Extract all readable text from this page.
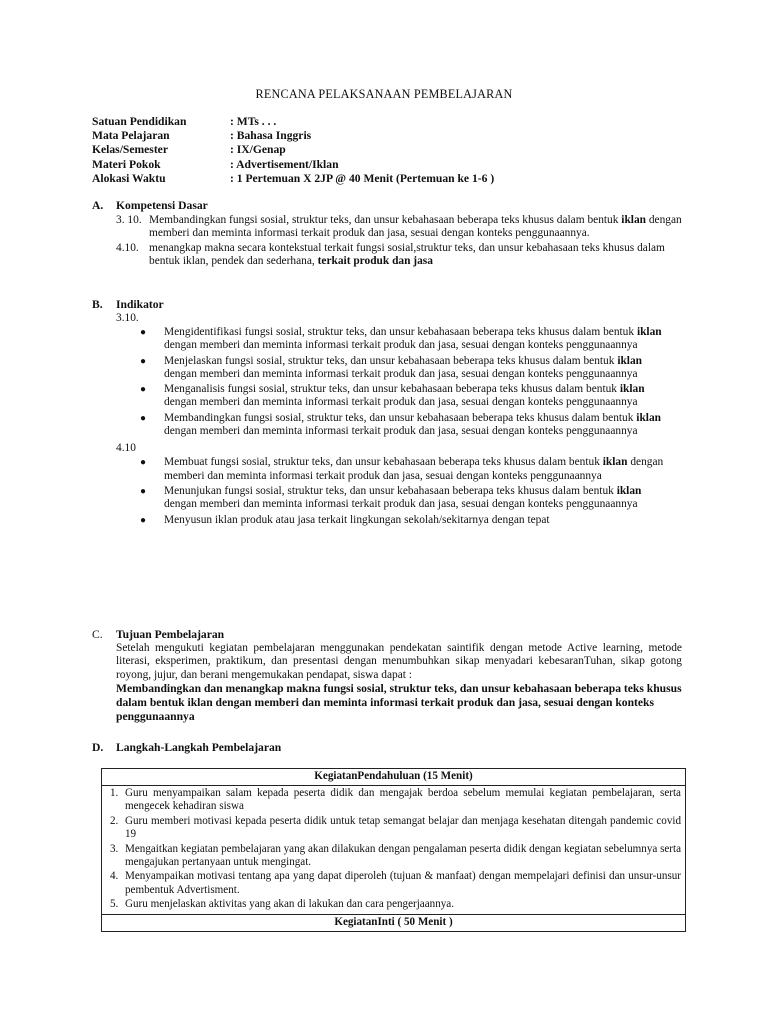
RENCANA PELAKSANAAN PEMBELAJARAN
Satuan Pendidikan	: MTs . . .
Mata Pelajaran	: Bahasa Inggris
Kelas/Semester	: IX/Genap
Materi Pokok	: Advertisement/Iklan
Alokasi Waktu	: 1 Pertemuan X 2JP @ 40 Menit (Pertemuan ke 1-6 )
A. Kompetensi Dasar
3. 10. Membandingkan fungsi sosial, struktur teks, dan unsur kebahasaan beberapa teks khusus dalam bentuk iklan dengan memberi dan meminta informasi terkait produk dan jasa, sesuai dengan konteks penggunaannya.
4.10. menangkap makna secara kontekstual terkait fungsi sosial,struktur teks, dan unsur kebahasaan teks khusus dalam bentuk iklan, pendek dan sederhana, terkait produk dan jasa
B. Indikator
3.10.
● Mengidentifikasi fungsi sosial, struktur teks, dan unsur kebahasaan beberapa teks khusus dalam bentuk iklan dengan memberi dan meminta informasi terkait produk dan jasa, sesuai dengan konteks penggunaannya
● Menjelaskan fungsi sosial, struktur teks, dan unsur kebahasaan beberapa teks khusus dalam bentuk iklan dengan memberi dan meminta informasi terkait produk dan jasa, sesuai dengan konteks penggunaannya
● Menganalisis fungsi sosial, struktur teks, dan unsur kebahasaan beberapa teks khusus dalam bentuk iklan dengan memberi dan meminta informasi terkait produk dan jasa, sesuai dengan konteks penggunaannya
● Membandingkan fungsi sosial, struktur teks, dan unsur kebahasaan beberapa teks khusus dalam bentuk iklan dengan memberi dan meminta informasi terkait produk dan jasa, sesuai dengan konteks penggunaannya
4.10
● Membuat fungsi sosial, struktur teks, dan unsur kebahasaan beberapa teks khusus dalam bentuk iklan dengan memberi dan meminta informasi terkait produk dan jasa, sesuai dengan konteks penggunaannya
● Menunjukan fungsi sosial, struktur teks, dan unsur kebahasaan beberapa teks khusus dalam bentuk iklan dengan memberi dan meminta informasi terkait produk dan jasa, sesuai dengan konteks penggunaannya
● Menyusun iklan produk atau jasa terkait lingkungan sekolah/sekitarnya dengan tepat
C. Tujuan Pembelajaran
Setelah mengukuti kegiatan pembelajaran menggunakan pendekatan saintifik dengan metode Active learning, metode literasi, eksperimen, praktikum, dan presentasi dengan menumbuhkan sikap menyadari kebesaranTuhan, sikap gotong royong, jujur, dan berani mengemukakan pendapat, siswa dapat :
Membandingkan dan menangkap makna fungsi sosial, struktur teks, dan unsur kebahasaan beberapa teks khusus dalam bentuk iklan dengan memberi dan meminta informasi terkait produk dan jasa, sesuai dengan konteks penggunaannya
D. Langkah-Langkah Pembelajaran
KegiatanPendahuluan (15 Menit)

1. Guru menyampaikan salam kepada peserta didik dan mengajak berdoa sebelum memulai kegiatan pembelajaran, serta mengecek kehadiran siswa
2. Guru memberi motivasi kepada peserta didik untuk tetap semangat belajar dan menjaga kesehatan ditengah pandemic covid 19
3. Mengaitkan kegiatan pembelajaran yang akan dilakukan dengan pengalaman peserta didik dengan kegiatan sebelumnya serta mengajukan pertanyaan untuk mengingat.
4. Menyampaikan motivasi tentang apa yang dapat diperoleh (tujuan & manfaat) dengan mempelajari definisi dan unsur-unsur pembentuk Advertisment.
5. Guru menjelaskan aktivitas yang akan di lakukan dan cara pengerjaannya.

KegiatanInti ( 50 Menit )
